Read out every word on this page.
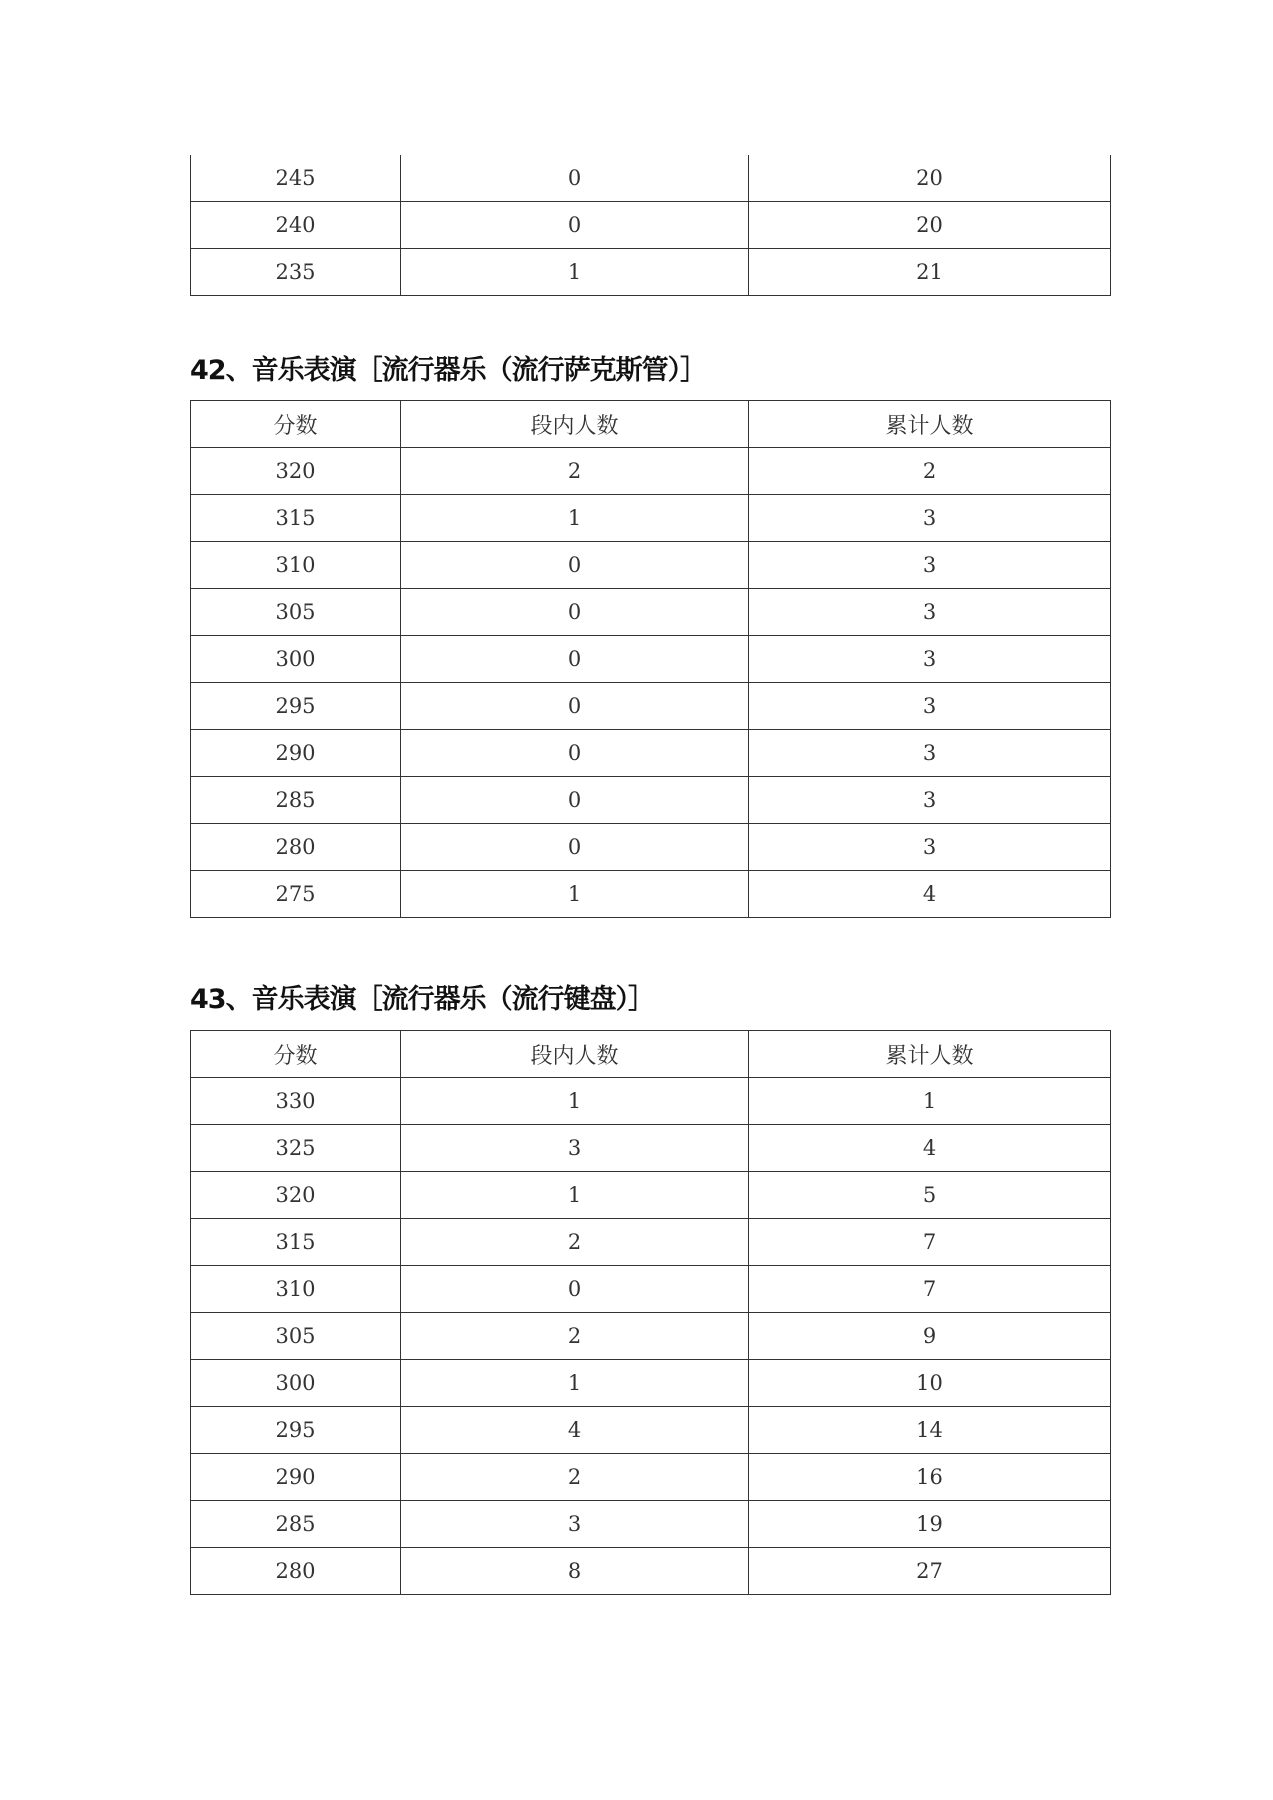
245	0	20
240	0	20
235	1	21
42、音乐表演［流行器乐（流行萨克斯管）］
分数	段内人数	累计人数
320	2	2
315	1	3
310	0	3
305	0	3
300	0	3
295	0	3
290	0	3
285	0	3
280	0	3
275	1	4
43、音乐表演［流行器乐（流行键盘）］
分数	段内人数	累计人数
330	1	1
325	3	4
320	1	5
315	2	7
310	0	7
305	2	9
300	1	10
295	4	14
290	2	16
285	3	19
280	8	27
